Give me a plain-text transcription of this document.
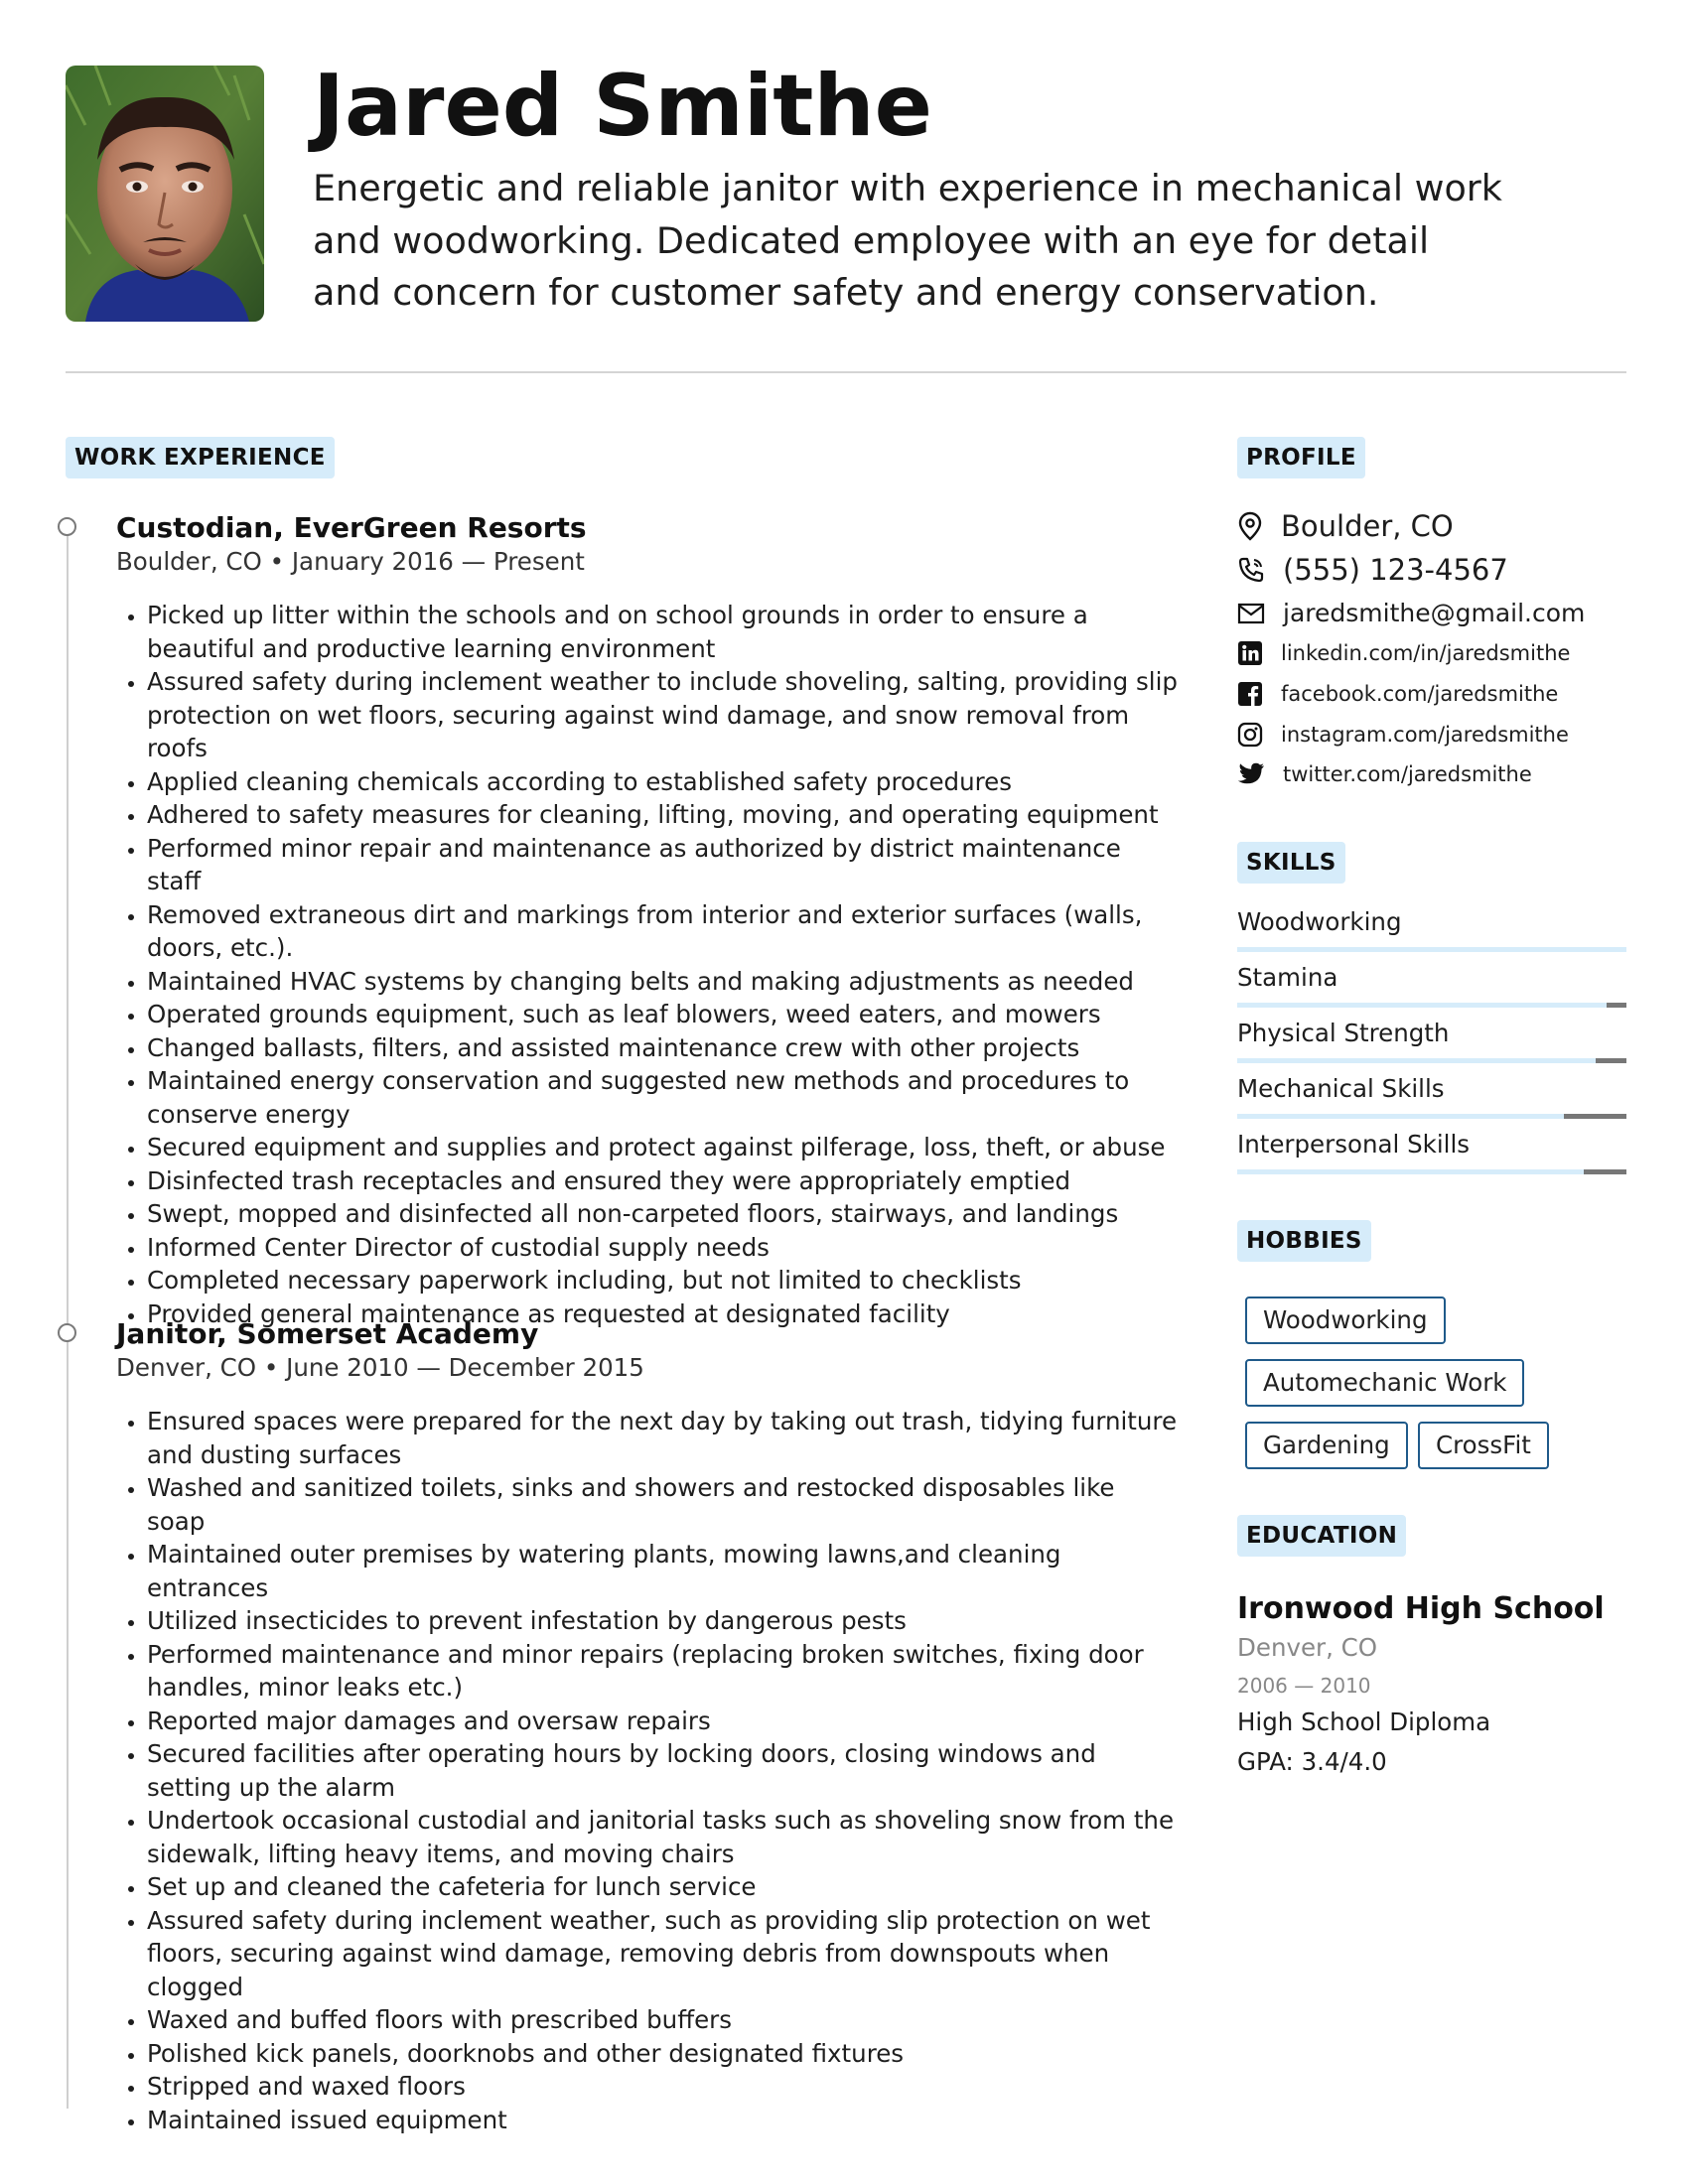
Jared Smithe

Energetic and reliable janitor with experience in mechanical work and woodworking. Dedicated employee with an eye for detail and concern for customer safety and energy conservation.

WORK EXPERIENCE
Custodian, EverGreen Resorts
Boulder, CO • January 2016 — Present
• Picked up litter within the schools and on school grounds in order to ensure a beautiful and productive learning environment
• Assured safety during inclement weather to include shoveling, salting, providing slip protection on wet floors, securing against wind damage, and snow removal from roofs
• Applied cleaning chemicals according to established safety procedures
• Adhered to safety measures for cleaning, lifting, moving, and operating equipment
• Performed minor repair and maintenance as authorized by district maintenance staff
• Removed extraneous dirt and markings from interior and exterior surfaces (walls, doors, etc.).
• Maintained HVAC systems by changing belts and making adjustments as needed
• Operated grounds equipment, such as leaf blowers, weed eaters, and mowers
• Changed ballasts, filters, and assisted maintenance crew with other projects
• Maintained energy conservation and suggested new methods and procedures to conserve energy
• Secured equipment and supplies and protect against pilferage, loss, theft, or abuse
• Disinfected trash receptacles and ensured they were appropriately emptied
• Swept, mopped and disinfected all non-carpeted floors, stairways, and landings
• Informed Center Director of custodial supply needs
• Completed necessary paperwork including, but not limited to checklists
• Provided general maintenance as requested at designated facility
Janitor, Somerset Academy
Denver, CO • June 2010 — December 2015
• Ensured spaces were prepared for the next day by taking out trash, tidying furniture and dusting surfaces
• Washed and sanitized toilets, sinks and showers and restocked disposables like soap
• Maintained outer premises by watering plants, mowing lawns,and cleaning entrances
• Utilized insecticides to prevent infestation by dangerous pests
• Performed maintenance and minor repairs (replacing broken switches, fixing door handles, minor leaks etc.)
• Reported major damages and oversaw repairs
• Secured facilities after operating hours by locking doors, closing windows and setting up the alarm
• Undertook occasional custodial and janitorial tasks such as shoveling snow from the sidewalk, lifting heavy items, and moving chairs
• Set up and cleaned the cafeteria for lunch service
• Assured safety during inclement weather, such as providing slip protection on wet floors, securing against wind damage, removing debris from downspouts when clogged
• Waxed and buffed floors with prescribed buffers
• Polished kick panels, doorknobs and other designated fixtures
• Stripped and waxed floors
• Maintained issued equipment
PROFILE
Boulder, CO
(555) 123-4567
jaredsmithe@gmail.com
linkedin.com/in/jaredsmithe
facebook.com/jaredsmithe
instagram.com/jaredsmithe
twitter.com/jaredsmithe
SKILLS
Woodworking
Stamina
Physical Strength
Mechanical Skills
Interpersonal Skills
HOBBIES
Woodworking
Automechanic Work
Gardening	CrossFit
EDUCATION
Ironwood High School
Denver, CO
2006 — 2010
High School Diploma
GPA: 3.4/4.0
